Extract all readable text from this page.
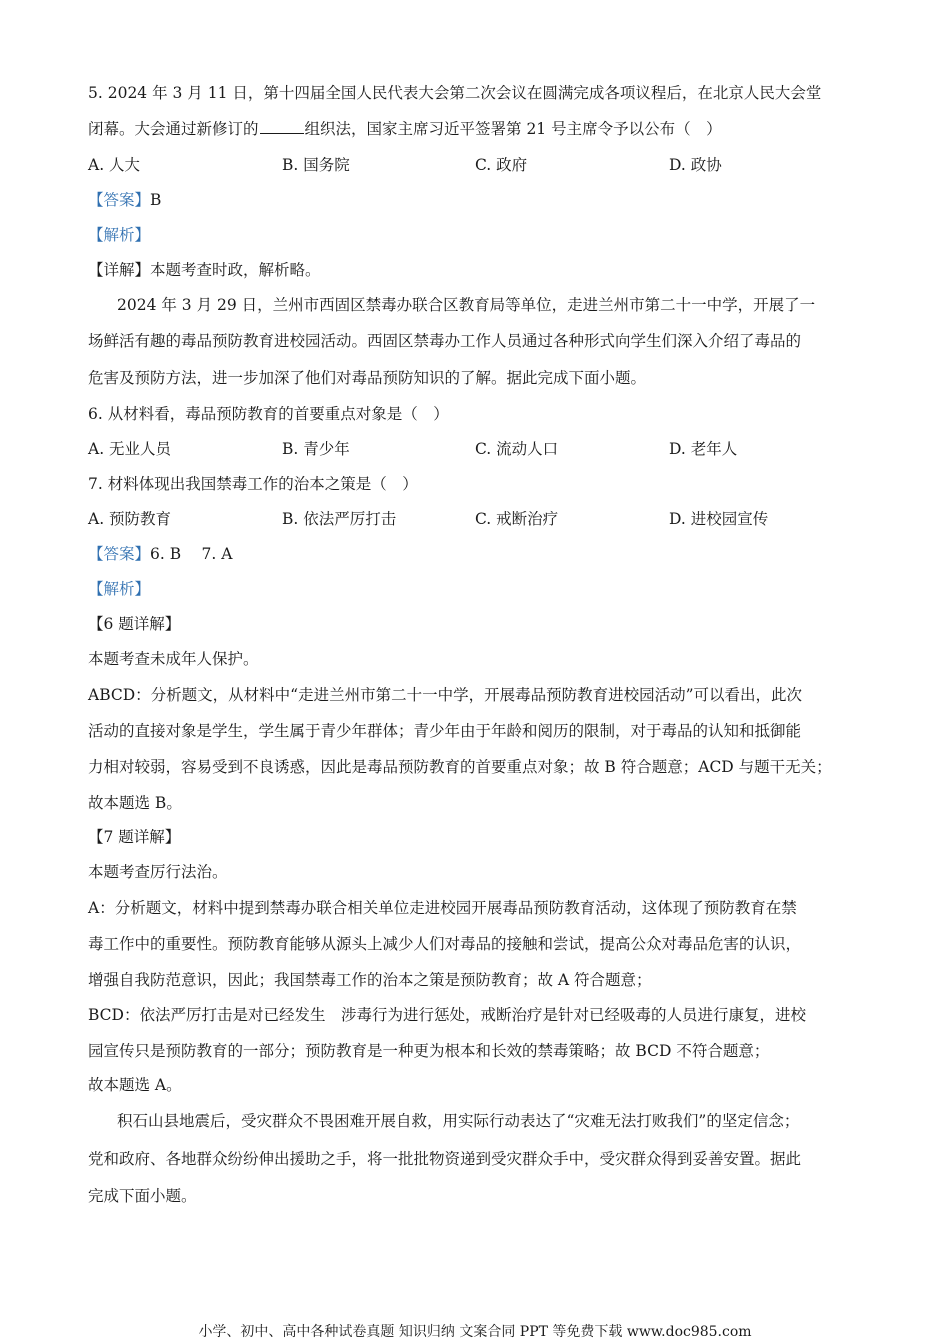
5. 2024 年 3 月 11 日，第十四届全国人民代表大会第二次会议在圆满完成各项议程后，在北京人民大会堂
闭幕。大会通过新修订的	组织法，国家主席习近平签署第 21 号主席令予以公布（　）
A. 人大	B. 国务院	C. 政府	D. 政协
【答案】B
【解析】
【详解】本题考查时政，解析略。
2024 年 3 月 29 日，兰州市西固区禁毒办联合区教育局等单位，走进兰州市第二十一中学，开展了一
场鲜活有趣的毒品预防教育进校园活动。西固区禁毒办工作人员通过各种形式向学生们深入介绍了毒品的
危害及预防方法，进一步加深了他们对毒品预防知识的了解。据此完成下面小题。
6. 从材料看，毒品预防教育的首要重点对象是（　）
A. 无业人员	B. 青少年	C. 流动人口	D. 老年人
7. 材料体现出我国禁毒工作的治本之策是（　）
A. 预防教育	B. 依法严厉打击	C. 戒断治疗	D. 进校园宣传
【答案】6. B　 7. A
【解析】
【6 题详解】
本题考查未成年人保护。
ABCD：分析题文，从材料中“走进兰州市第二十一中学，开展毒品预防教育进校园活动”可以看出，此次
活动的直接对象是学生，学生属于青少年群体；青少年由于年龄和阅历的限制，对于毒品的认知和抵御能
力相对较弱，容易受到不良诱惑，因此是毒品预防教育的首要重点对象；故 B 符合题意；ACD 与题干无关；
故本题选 B。
【7 题详解】
本题考查厉行法治。
A：分析题文，材料中提到禁毒办联合相关单位走进校园开展毒品预防教育活动，这体现了预防教育在禁
毒工作中的重要性。预防教育能够从源头上减少人们对毒品的接触和尝试，提高公众对毒品危害的认识，
增强自我防范意识，因此；我国禁毒工作的治本之策是预防教育；故 A 符合题意；
BCD：依法严厉打击是对已经发生　涉毒行为进行惩处，戒断治疗是针对已经吸毒的人员进行康复，进校
园宣传只是预防教育的一部分；预防教育是一种更为根本和长效的禁毒策略；故 BCD 不符合题意；
故本题选 A。
积石山县地震后，受灾群众不畏困难开展自救，用实际行动表达了“灾难无法打败我们”的坚定信念；
党和政府、各地群众纷纷伸出援助之手，将一批批物资递到受灾群众手中，受灾群众得到妥善安置。据此
完成下面小题。
小学、初中、高中各种试卷真题 知识归纳 文案合同 PPT 等免费下载 www.doc985.com
